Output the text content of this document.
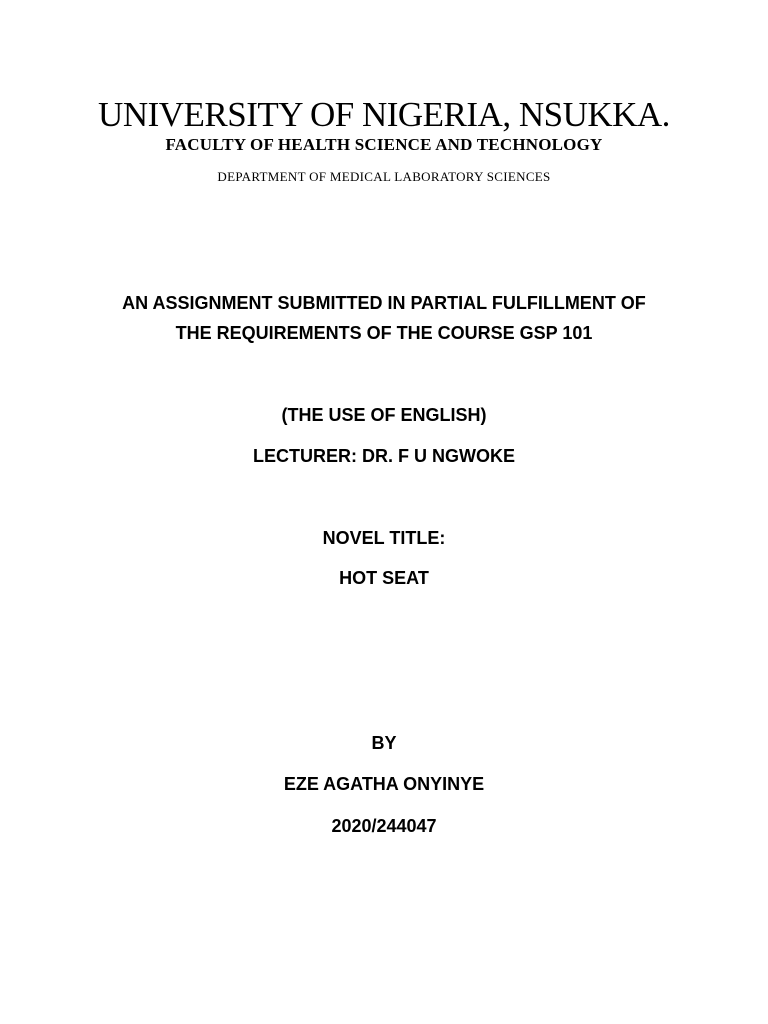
UNIVERSITY OF NIGERIA, NSUKKA.
FACULTY OF HEALTH SCIENCE AND TECHNOLOGY
DEPARTMENT OF MEDICAL LABORATORY SCIENCES
AN ASSIGNMENT SUBMITTED IN PARTIAL FULFILLMENT OF
THE REQUIREMENTS OF THE COURSE GSP 101
(THE USE OF ENGLISH)
LECTURER: DR. F U NGWOKE
NOVEL TITLE:
HOT SEAT
BY
EZE AGATHA ONYINYE
2020/244047
